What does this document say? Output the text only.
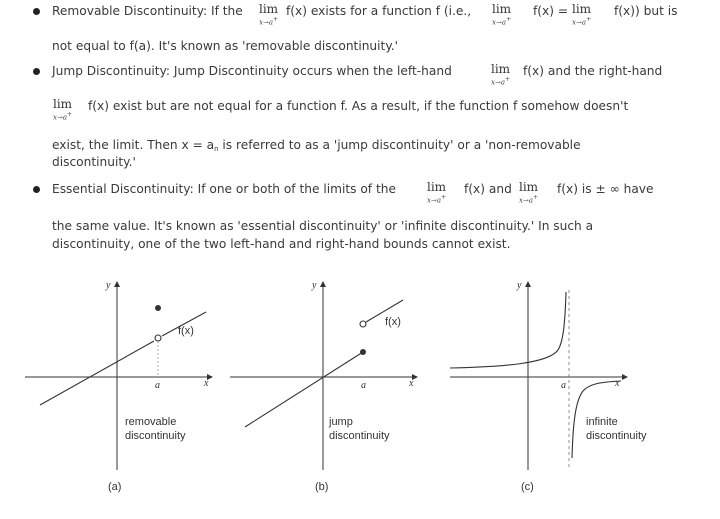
Removable Discontinuity: If the lim
x→a+
f(x) exists for a function f (i.e., lim
x→a+
f(x) = lim
x→a+
f(x)) but is
not equal to f(a). It's known as 'removable discontinuity.'
Jump Discontinuity: Jump Discontinuity occurs when the left-hand	lim
x→a+
f(x) and the right-hand
lim
x→a+
f(x) exist but are not equal for a function f. As a result, if the function f somehow doesn't
exist, the limit. Then $x = a_n$ is referred to as a 'jump discontinuity' or a 'non-removable
discontinuity.'
Essential Discontinuity: If one or both of the limits of the	lim
x→a+
f(x) and lim
x→a+
f(x) is ± ∞ have
the same value. It's known as 'essential discontinuity' or 'infinite discontinuity.' In such a
discontinuity, one of the two left-hand and right-hand bounds cannot exist.
y
x
a
f(x)
removable
discontinuity
(a)
y
x
a
f(x)
jump
discontinuity
(b)
y
x
a
infinite
discontinuity
(c)
